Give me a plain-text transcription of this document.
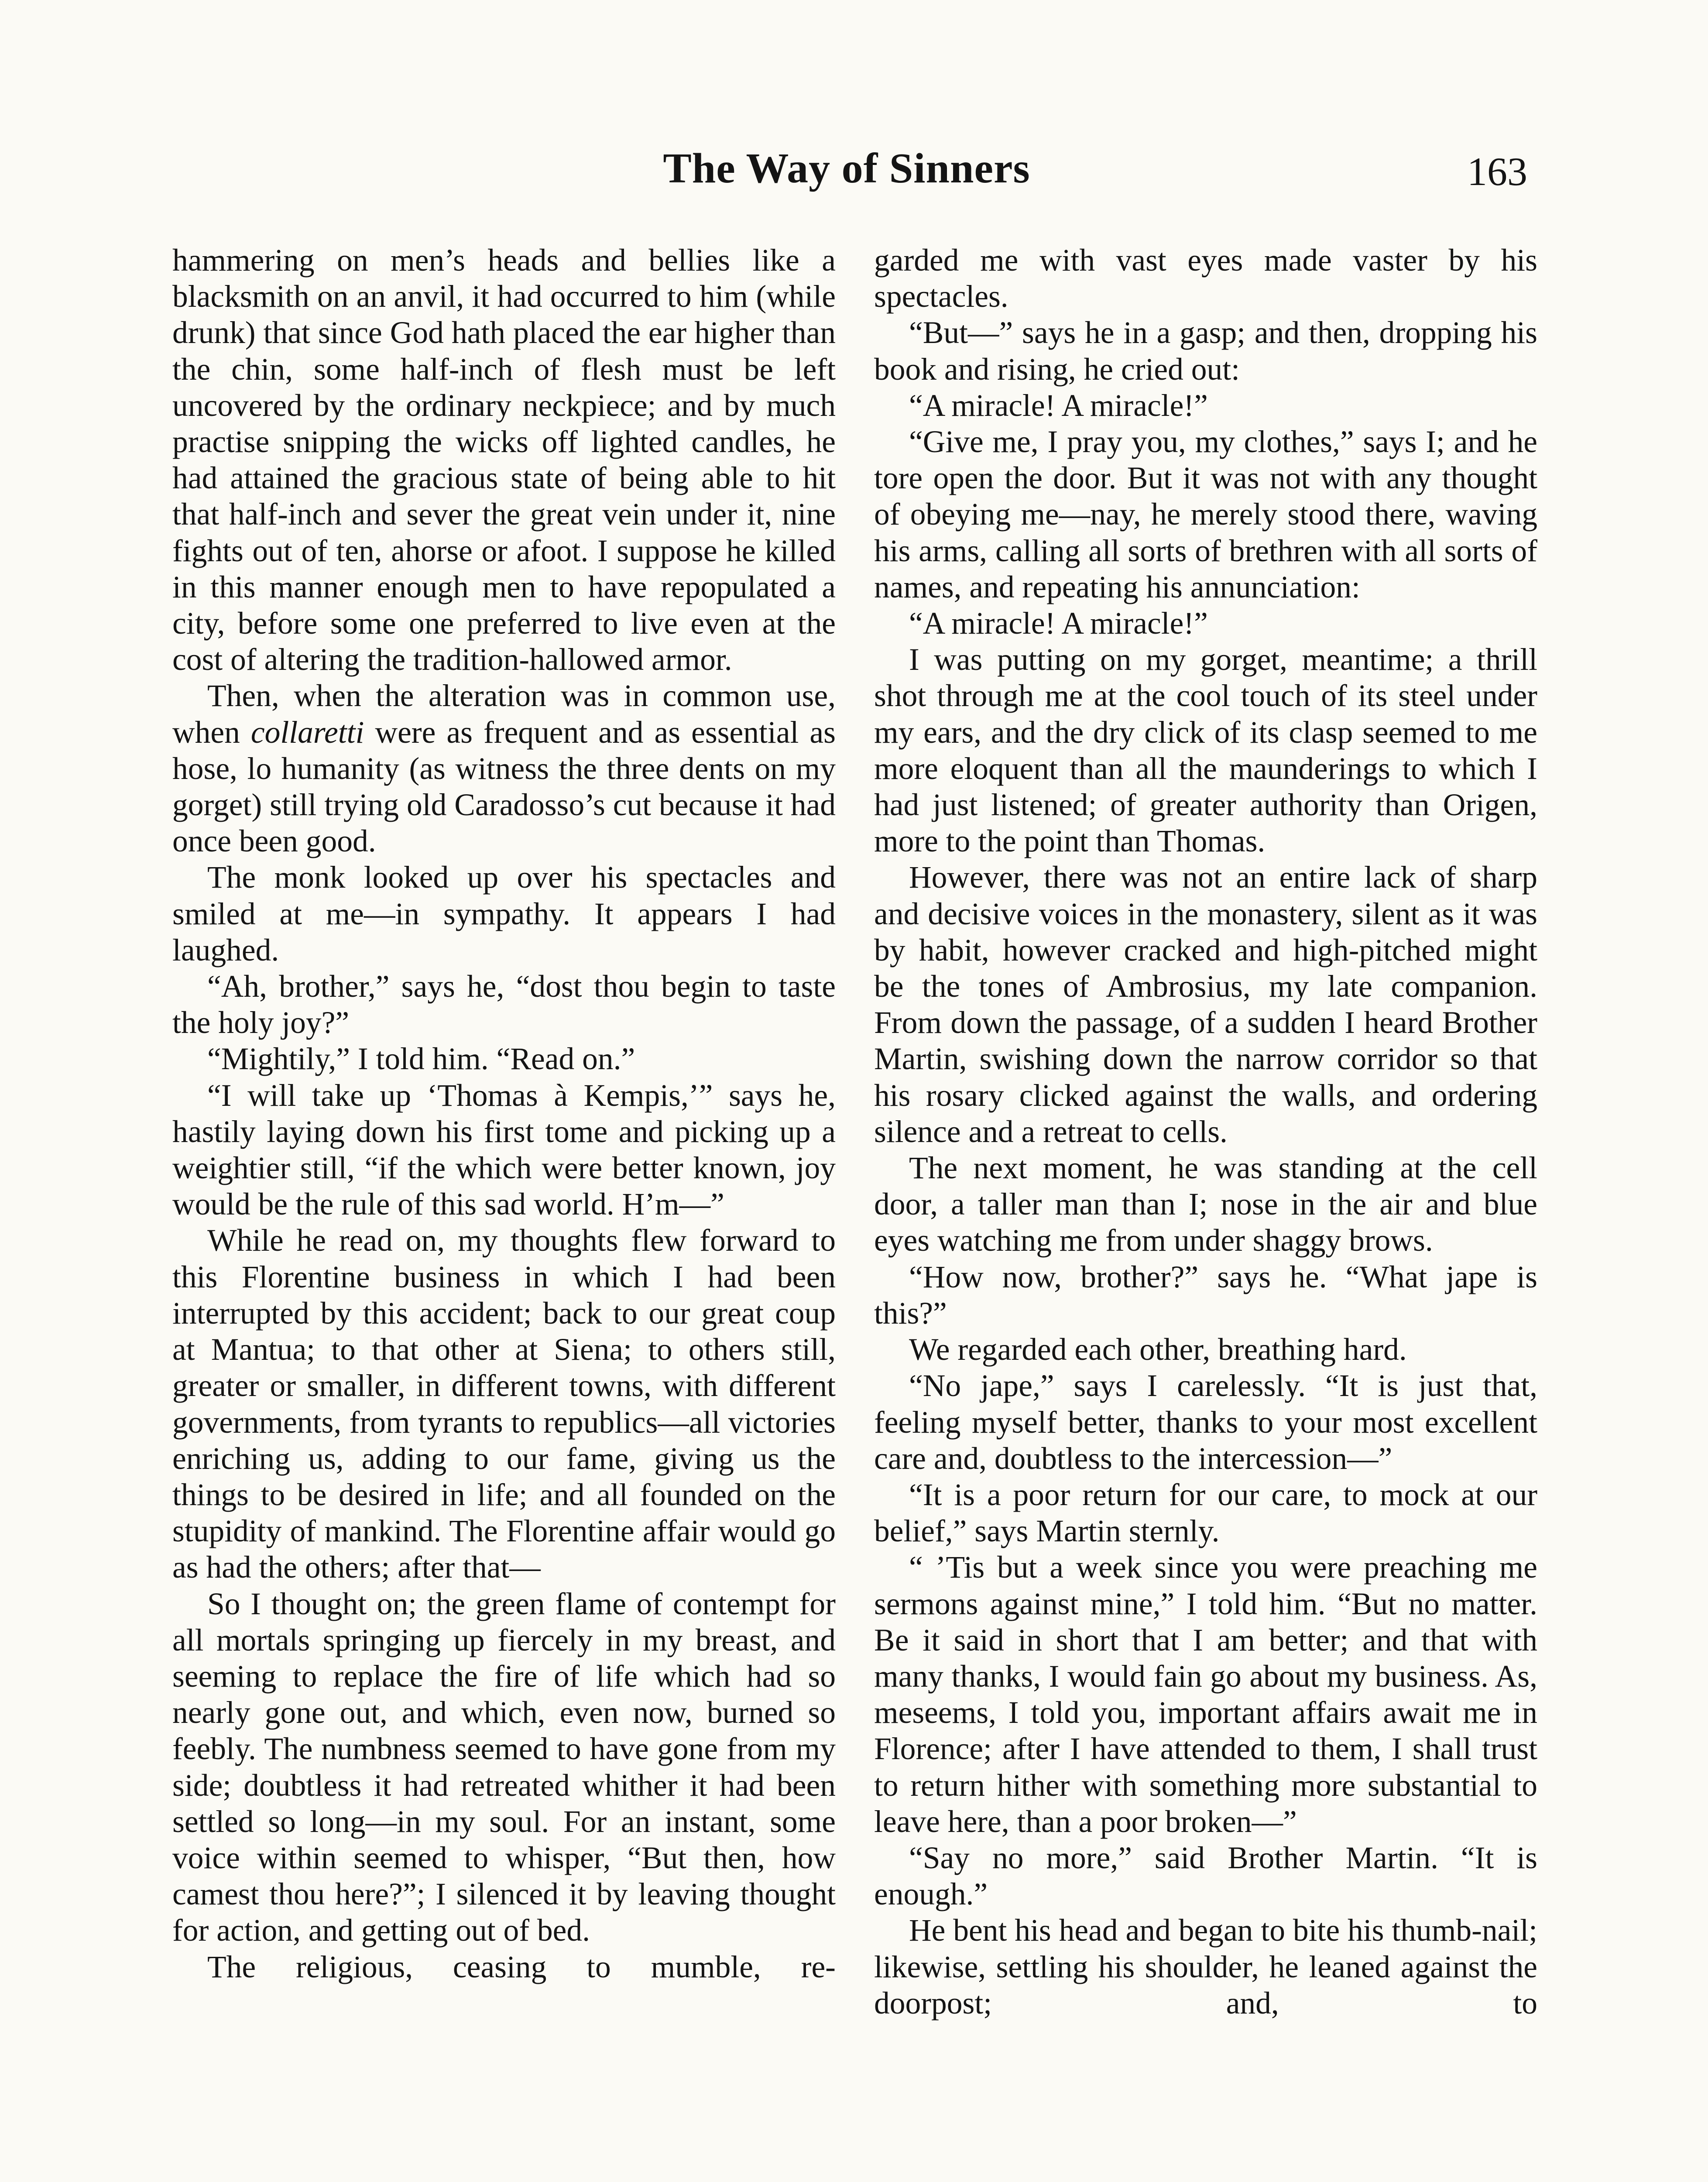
The Way of Sinners	163

hammering on men’s heads and bellies like a blacksmith on an anvil, it had occurred to him (while drunk) that since God hath placed the ear higher than the chin, some half-inch of flesh must be left uncovered by the ordinary neckpiece; and by much practise snipping the wicks off lighted candles, he had attained the gracious state of being able to hit that half-inch and sever the great vein under it, nine fights out of ten, ahorse or afoot. I suppose he killed in this manner enough men to have repopulated a city, before some one preferred to live even at the cost of altering the tradition-hallowed armor.

Then, when the alteration was in common use, when collaretti were as frequent and as essential as hose, lo humanity (as witness the three dents on my gorget) still trying old Caradosso’s cut because it had once been good.

The monk looked up over his spectacles and smiled at me—in sympathy. It appears I had laughed.

“Ah, brother,” says he, “dost thou begin to taste the holy joy?”

“Mightily,” I told him. “Read on.”

“I will take up ‘Thomas à Kempis,’” says he, hastily laying down his first tome and picking up a weightier still, “if the which were better known, joy would be the rule of this sad world. H’m—”

While he read on, my thoughts flew forward to this Florentine business in which I had been interrupted by this accident; back to our great coup at Mantua; to that other at Siena; to others still, greater or smaller, in different towns, with different governments, from tyrants to republics—all victories enriching us, adding to our fame, giving us the things to be desired in life; and all founded on the stupidity of mankind. The Florentine affair would go as had the others; after that—

So I thought on; the green flame of contempt for all mortals springing up fiercely in my breast, and seeming to replace the fire of life which had so nearly gone out, and which, even now, burned so feebly. The numbness seemed to have gone from my side; doubtless it had retreated whither it had been settled so long—in my soul. For an instant, some voice within seemed to whisper, “But then, how camest thou here?”; I silenced it by leaving thought for action, and getting out of bed.

The religious, ceasing to mumble, re-

garded me with vast eyes made vaster by his spectacles.

“But—” says he in a gasp; and then, dropping his book and rising, he cried out:

“A miracle! A miracle!”

“Give me, I pray you, my clothes,” says I; and he tore open the door. But it was not with any thought of obeying me—nay, he merely stood there, waving his arms, calling all sorts of brethren with all sorts of names, and repeating his annunciation:

“A miracle! A miracle!”

I was putting on my gorget, meantime; a thrill shot through me at the cool touch of its steel under my ears, and the dry click of its clasp seemed to me more eloquent than all the maunderings to which I had just listened; of greater authority than Origen, more to the point than Thomas.

However, there was not an entire lack of sharp and decisive voices in the monastery, silent as it was by habit, however cracked and high-pitched might be the tones of Ambrosius, my late companion. From down the passage, of a sudden I heard Brother Martin, swishing down the narrow corridor so that his rosary clicked against the walls, and ordering silence and a retreat to cells.

The next moment, he was standing at the cell door, a taller man than I; nose in the air and blue eyes watching me from under shaggy brows.

“How now, brother?” says he. “What jape is this?”

We regarded each other, breathing hard.

“No jape,” says I carelessly. “It is just that, feeling myself better, thanks to your most excellent care and, doubtless to the intercession—”

“It is a poor return for our care, to mock at our belief,” says Martin sternly.

“ ’Tis but a week since you were preaching me sermons against mine,” I told him. “But no matter. Be it said in short that I am better; and that with many thanks, I would fain go about my business. As, meseems, I told you, important affairs await me in Florence; after I have attended to them, I shall trust to return hither with something more substantial to leave here, than a poor broken—”

“Say no more,” said Brother Martin. “It is enough.”

He bent his head and began to bite his thumb-nail; likewise, settling his shoulder, he leaned against the doorpost; and, to
